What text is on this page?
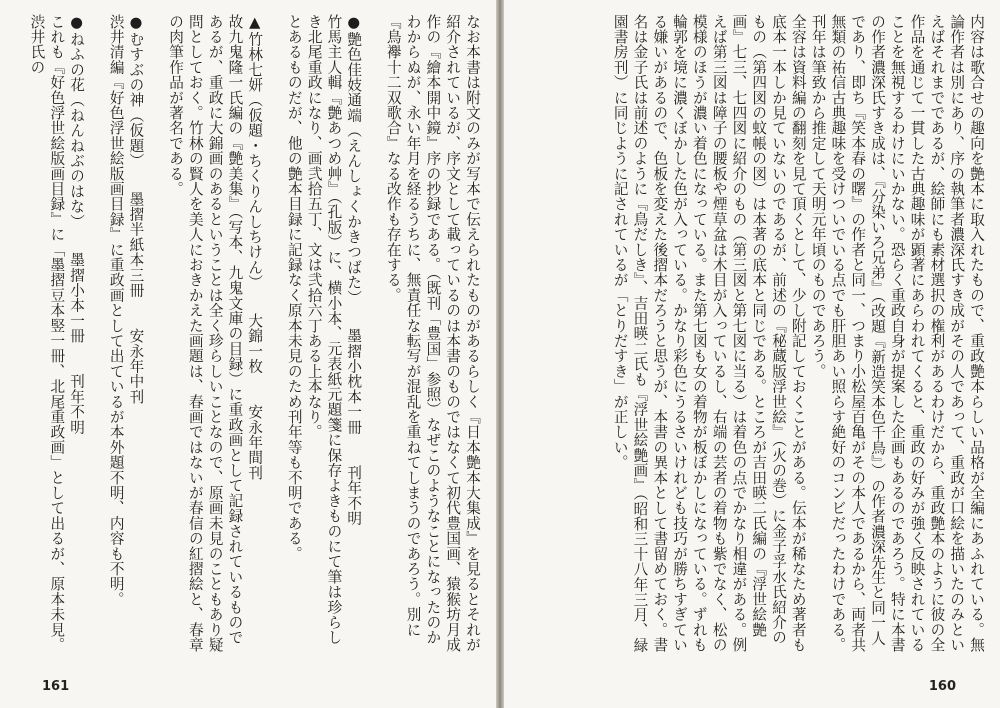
なお本書は附文のみが写本で伝えられたものがあるらしく『日本艶本大集成』を見るとそれが紹介されているが、序文として載っているのは本書のものではなくて初代豊国画、猿猴坊月成作の『繪本開中鏡』序の抄録である。（既刊「豊国」参照）なぜこのようなことになったのかわからぬが、永い年月を経るうちに、無責任な転写が混乱を重ねてしまうのであろう。別に『鳥襷十二双歌合』なる改作も存在する。

●艶色佳妓通端（えんしょくかきつばた）　　墨摺小枕本一冊　　刊年不明
竹馬主人輯『艶あつめ艸』（孔版）に、横小本、元表紙元題箋に保存よきものにて筆は珍らしき北尾重政になり、画弐拾五丁、文は弐拾六丁ある上本なり。
とあるものだが、他の艶本目録に記録なく原本未見のため刊年等も不明である。

▲竹林七妍（仮題・ちくりんしちけん）　　大錦一枚　　安永年間刊
故九鬼隆一氏編の『艶美集』（写本、九鬼文庫の目録）に重政画として記録されているものであるが、重政に大錦画のあるということは全く珍らしいことなので、原画未見のこともあり疑問としておく。竹林の賢人を美人におきかえた画題は、春画ではないが春信の紅摺絵と、春章の肉筆作品が著名である。

●むすぶの神（仮題）　　墨摺半紙本三冊　　安永年中刊
渋井清編『好色浮世絵版画目録』に重政画として出ているが本外題不明、内容も不明。

●ねふの花（ねんねぶのはな）　　墨摺小本一冊　　刊年不明
これも『好色浮世絵版画目録』に「墨摺豆本竪一冊、北尾重政画」として出るが、原本未見。渋井氏の
161
内容は歌合せの趣向を艶本に取入れたもので、重政艶本らしい品格が全編にあふれている。無論作者は別にあり、序の執筆者濃深氏すき成がその人であって、重政が口絵を描いたのみといえばそれまでであるが、絵師にも素材選択の権利があるわけだから、重政艶本のように彼の全作品を通じて一貫した古典趣味が顕著にあらわれてくると、重政の好みが強く反映されていることを無視するわけにいかない。恐らく重政自身が提案した企画もあるのであろう。特に本書の作者濃深氏すき成は、『分染いろ兄弟』（改題『新造笑本色千鳥』）の作者濃深先生と同一人であり、即ち『笑本春の曙』の作者と同一、つまり小松屋百亀がその本人であるから、両者共無類の祐信古典趣味を受けついでいる点でも肝胆あい照らす絶好のコンビだったわけである。刊年は筆致から推定して天明元年頃のものであろう。
全容は資料編の翻刻を見て頂くとして、少し附記しておくことがある。伝本が稀なため著者も底本一本しか見ていないのであるが、前述の『秘蔵版浮世絵』（火の巻）に金子孚水氏紹介のもの（第四図の蚊帳の図）は本著の底本と同じである。ところが吉田暎二氏編の『浮世絵艶画』七三、七四図に紹介のもの（第三図と第七図に当る）は着色の点でかなり相違がある。例えば第三図は障子の腰板や煙草盆は木目が入っているし、右端の芸者の着物も紫でなく、松の模様のほうが濃い着色になっている。また第七図も女の着物が板ぼかしになっている。ずれも輪郭を境に濃くぼかした色が入っている。かなり彩色にうるさいけれども技巧が勝ちすぎている嫌いがあるので、色板を変えた後摺本だろうと思うが、本書の異本として書留めておく。書名は金子氏は前述のように『鳥だしき』、吉田暎二氏も『浮世絵艶画』（昭和三十八年三月、緑園書房刊）に同じように記されているが「とりだすき」が正しい。
160
